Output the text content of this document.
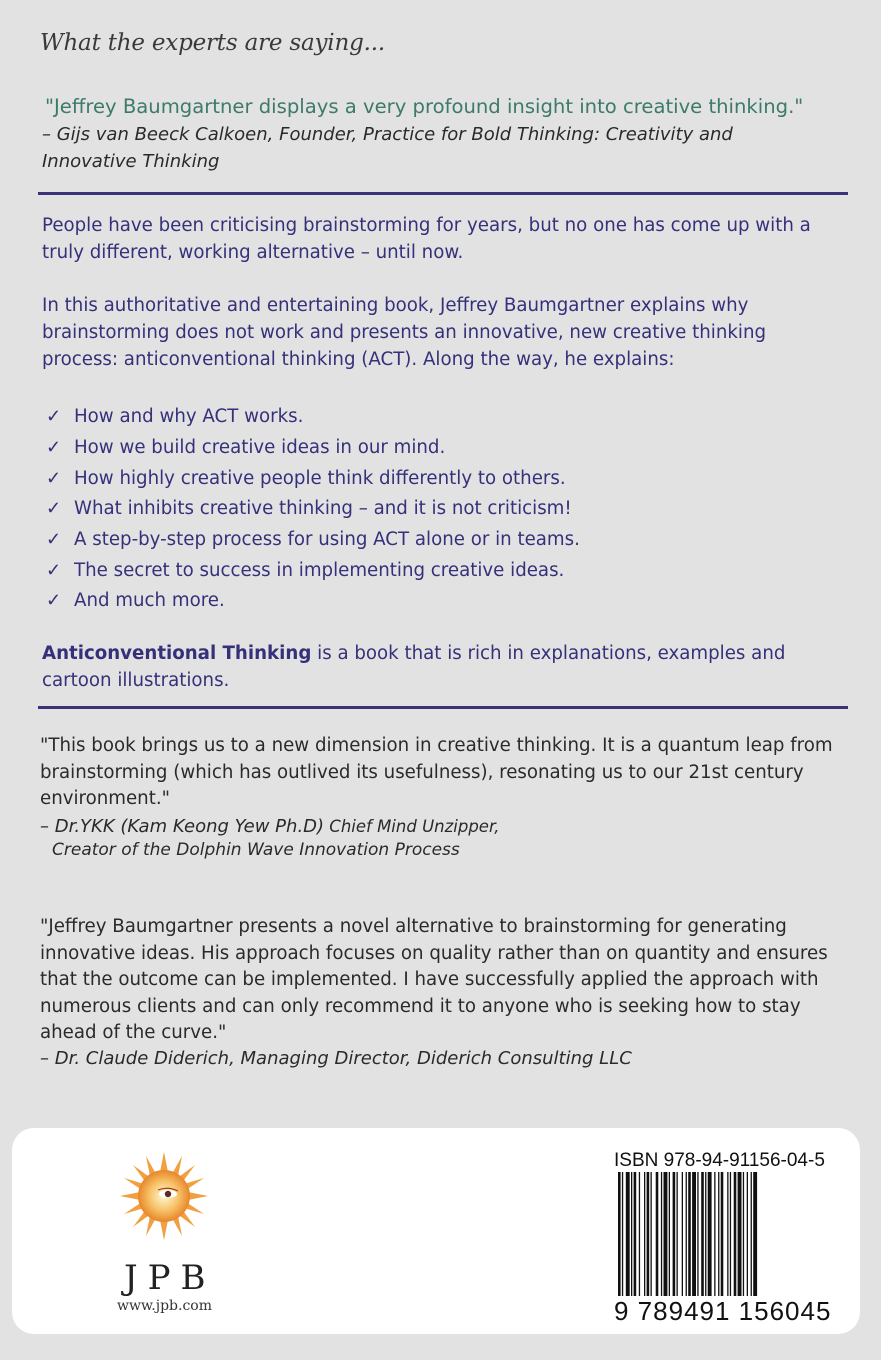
What the experts are saying...
"Jeffrey Baumgartner displays a very profound insight into creative thinking."
– Gijs van Beeck Calkoen, Founder, Practice for Bold Thinking: Creativity and
Innovative Thinking
People have been criticising brainstorming for years, but no one has come up with a truly different, working alternative – until now.
In this authoritative and entertaining book, Jeffrey Baumgartner explains why brainstorming does not work and presents an innovative, new creative thinking process: anticonventional thinking (ACT). Along the way, he explains:
✓ How and why ACT works.
✓ How we build creative ideas in our mind.
✓ How highly creative people think differently to others.
✓ What inhibits creative thinking – and it is not criticism!
✓ A step-by-step process for using ACT alone or in teams.
✓ The secret to success in implementing creative ideas.
✓ And much more.
Anticonventional Thinking is a book that is rich in explanations, examples and cartoon illustrations.
"This book brings us to a new dimension in creative thinking. It is a quantum leap from brainstorming (which has outlived its usefulness), resonating us to our 21st century environment."
– Dr.YKK (Kam Keong Yew Ph.D) Chief Mind Unzipper,
Creator of the Dolphin Wave Innovation Process
"Jeffrey Baumgartner presents a novel alternative to brainstorming for generating innovative ideas. His approach focuses on quality rather than on quantity and ensures that the outcome can be implemented. I have successfully applied the approach with numerous clients and can only recommend it to anyone who is seeking how to stay ahead of the curve."
– Dr. Claude Diderich, Managing Director, Diderich Consulting LLC
JPB
www.jpb.com
ISBN 978-94-91156-04-5
9 789491 156045
